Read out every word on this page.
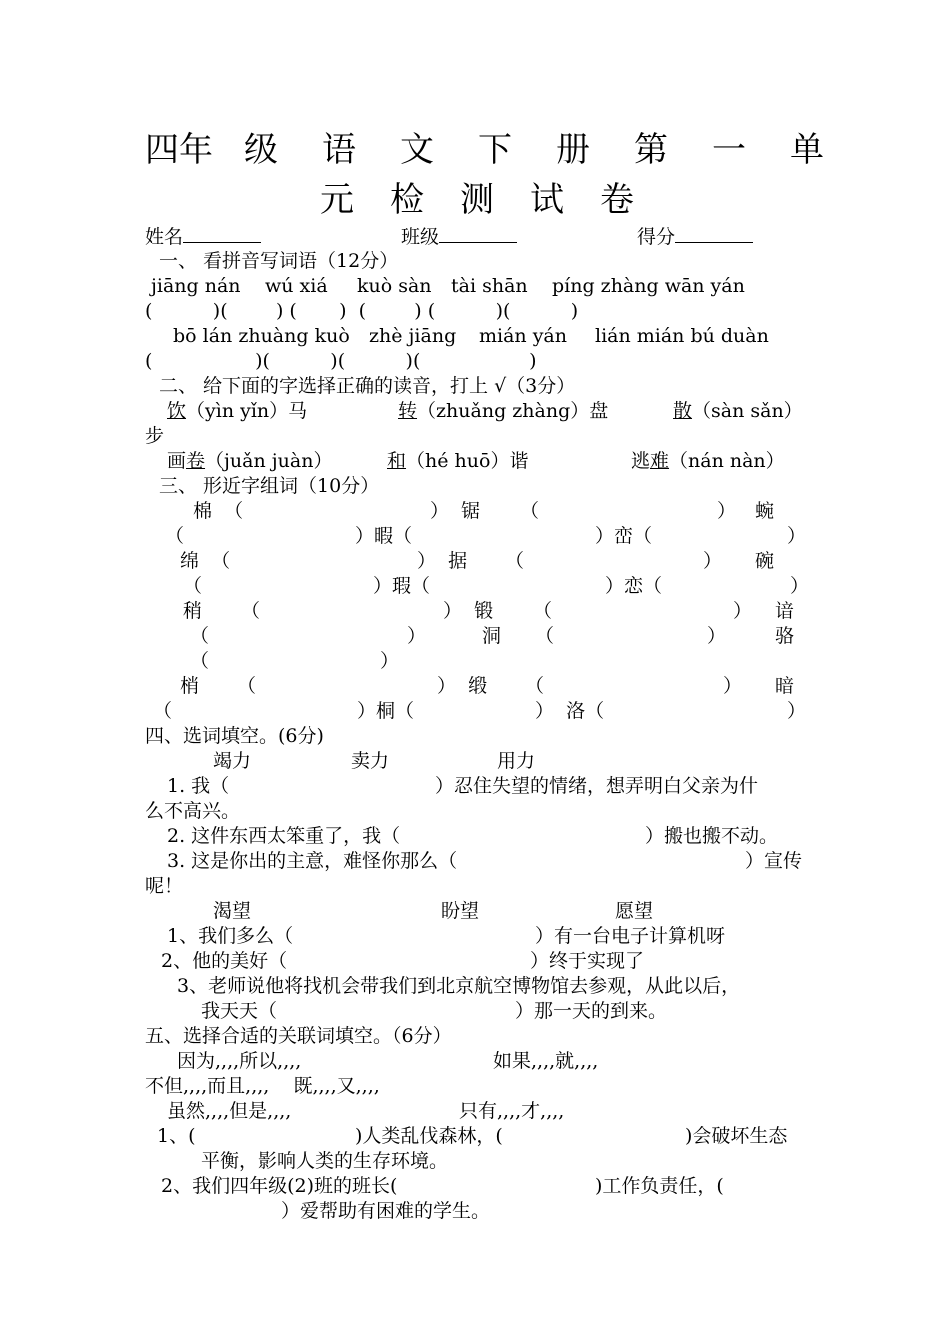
四年 级 语 文 下 册 第 一 单
元 检 测 试 卷
姓名	班级	得分
一、 看拼音写词语（12分）
jiāng nán wú xiá kuò sàn tài shān píng zhàng wān yán
(          )(        ) (       )  (        ) (          )(          )
bō lán zhuàng kuò zhè jiāng mián yán lián mián bú duàn
(                 )(          )(          )(                  )
二、 给下面的字选择正确的读音，打上 √（3分）
饮（yìn yǐn）马	转（zhuǎng zhàng）盘	散（sàn sǎn）
步
画卷（juǎn juàn）	和（hé huō）谐	逃难（nán nàn）
三、 形近字组词（10分）
棉  （	）  锯 （	） 蜿
（	）暇（	）峦（	）
绵  （	）  据 （	） 碗
（	）瑕（	）恋（	）
稍 （	）  锻 （	） 谙
（	）	洞 （	）	骆
（	）
梢 （	）  缎 （	） 暗
（	）桐（	）  洛（	）
四、选词填空。(6分)
竭力	卖力	用力
1. 我（	）忍住失望的情绪，想弄明白父亲为什
么不高兴。
2. 这件东西太笨重了，我（	）搬也搬不动。
3. 这是你出的主意，难怪你那么（	）宣传
呢！
渴望	盼望	愿望
1、我们多么（	）有一台电子计算机呀
2、他的美好（	）终于实现了
3、老师说他将找机会带我们到北京航空博物馆去参观，从此以后，
我天天（	）那一天的到来。
五、选择合适的关联词填空。（6分）
因为,,,,所以,,,,	如果,,,,就,,,,
不但,,,,而且,,,,    既,,,,又,,,,
虽然,,,,但是,,,,	只有,,,,才,,,,
1、(	)人类乱伐森林，(	)会破坏生态
平衡，影响人类的生存环境。
2、我们四年级(2)班的班长(	)工作负责任，(
）爱帮助有困难的学生。
